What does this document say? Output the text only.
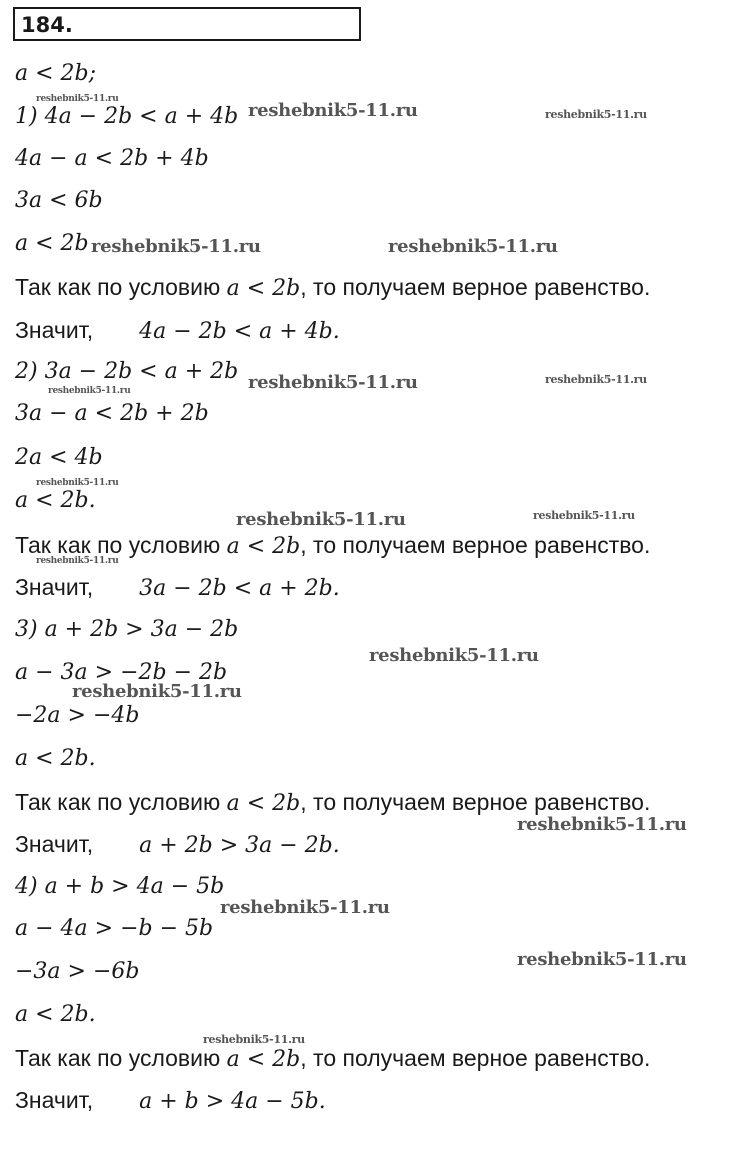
184.
a < 2b;
1) 4a − 2b < a + 4b
4a − a < 2b + 4b
3a < 6b
a < 2b
Так как по условию a < 2b, то получаем верное равенство.
Значит, 4a − 2b < a + 4b.
2) 3a − 2b < a + 2b
3a − a < 2b + 2b
2a < 4b
a < 2b.
Так как по условию a < 2b, то получаем верное равенство.
Значит, 3a − 2b < a + 2b.
3) a + 2b > 3a − 2b
a − 3a > −2b − 2b
−2a > −4b
a < 2b.
Так как по условию a < 2b, то получаем верное равенство.
Значит, a + 2b > 3a − 2b.
4) a + b > 4a − 5b
a − 4a > −b − 5b
−3a > −6b
a < 2b.
Так как по условию a < 2b, то получаем верное равенство.
Значит, a + b > 4a − 5b.
reshebnik5-11.ru
reshebnik5-11.ru	reshebnik5-11.ru
reshebnik5-11.ru	reshebnik5-11.ru
reshebnik5-11.ru	reshebnik5-11.ru
reshebnik5-11.ru
reshebnik5-11.ru
reshebnik5-11.ru	reshebnik5-11.ru
reshebnik5-11.ru
reshebnik5-11.ru
reshebnik5-11.ru
reshebnik5-11.ru
reshebnik5-11.ru
reshebnik5-11.ru
reshebnik5-11.ru
